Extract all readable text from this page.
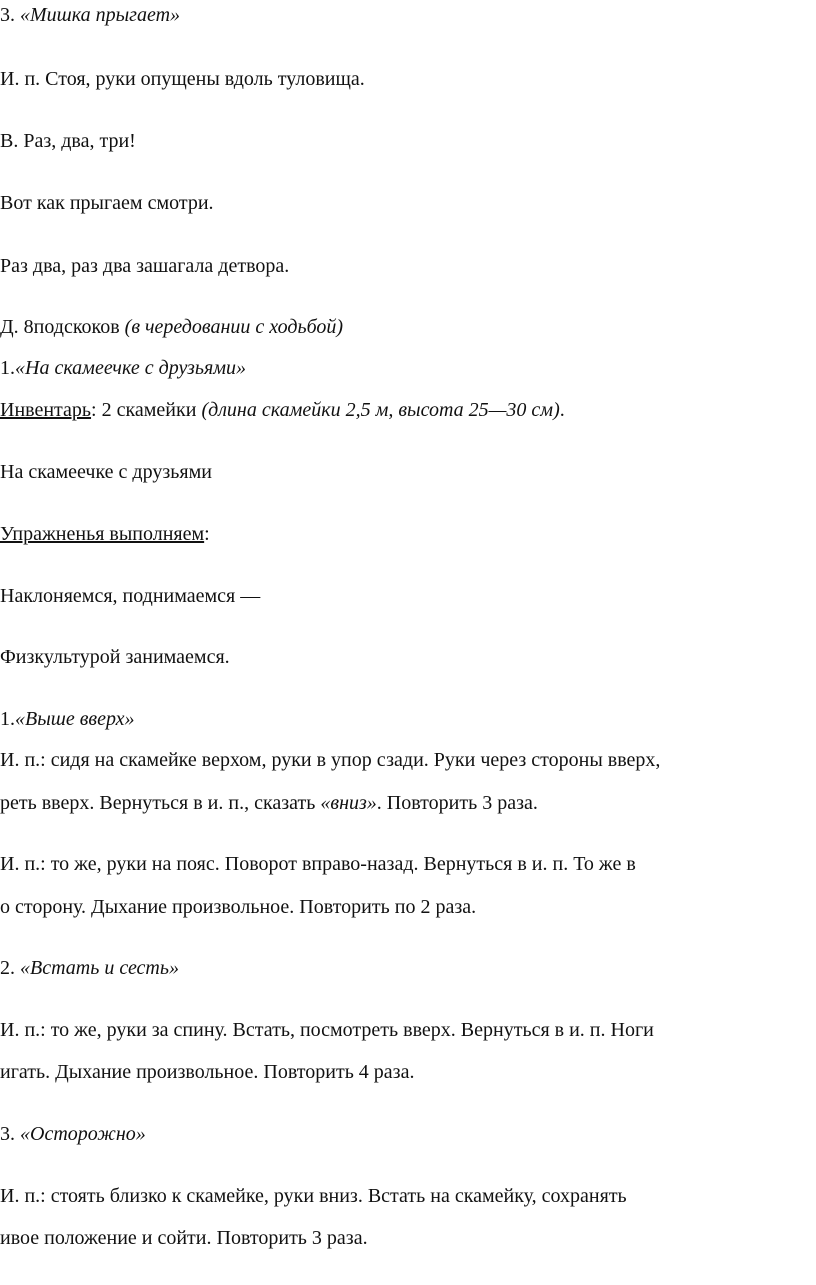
3. «Мишка прыгает»
И. п. Стоя, руки опущены вдоль туловища.
В. Раз, два, три!
Вот как прыгаем смотри.
Раз два, раз два зашагала детвора.
Д. 8подскоков (в чередовании с ходьбой)
1.«На скамеечке с друзьями»
Инвентарь: 2 скамейки (длина скамейки 2,5 м, высота 25—30 см).
На скамеечке с друзьями
Упражненья выполняем:
Наклоняемся, поднимаемся —
Физкультурой занимаемся.
1.«Выше вверх»
И. п.: сидя на скамейке верхом, руки в упор сзади. Руки через стороны вверх,
реть вверх. Вернуться в и. п., сказать «вниз». Повторить 3 раза.
И. п.: то же, руки на пояс. Поворот вправо-назад. Вернуться в и. п. То же в
о сторону. Дыхание произвольное. Повторить по 2 раза.
2. «Встать и сесть»
И. п.: то же, руки за спину. Встать, посмотреть вверх. Вернуться в и. п. Ноги
игать. Дыхание произвольное. Повторить 4 раза.
3. «Осторожно»
И. п.: стоять близко к скамейке, руки вниз. Встать на скамейку, сохранять
ивое положение и сойти. Повторить 3 раза.
